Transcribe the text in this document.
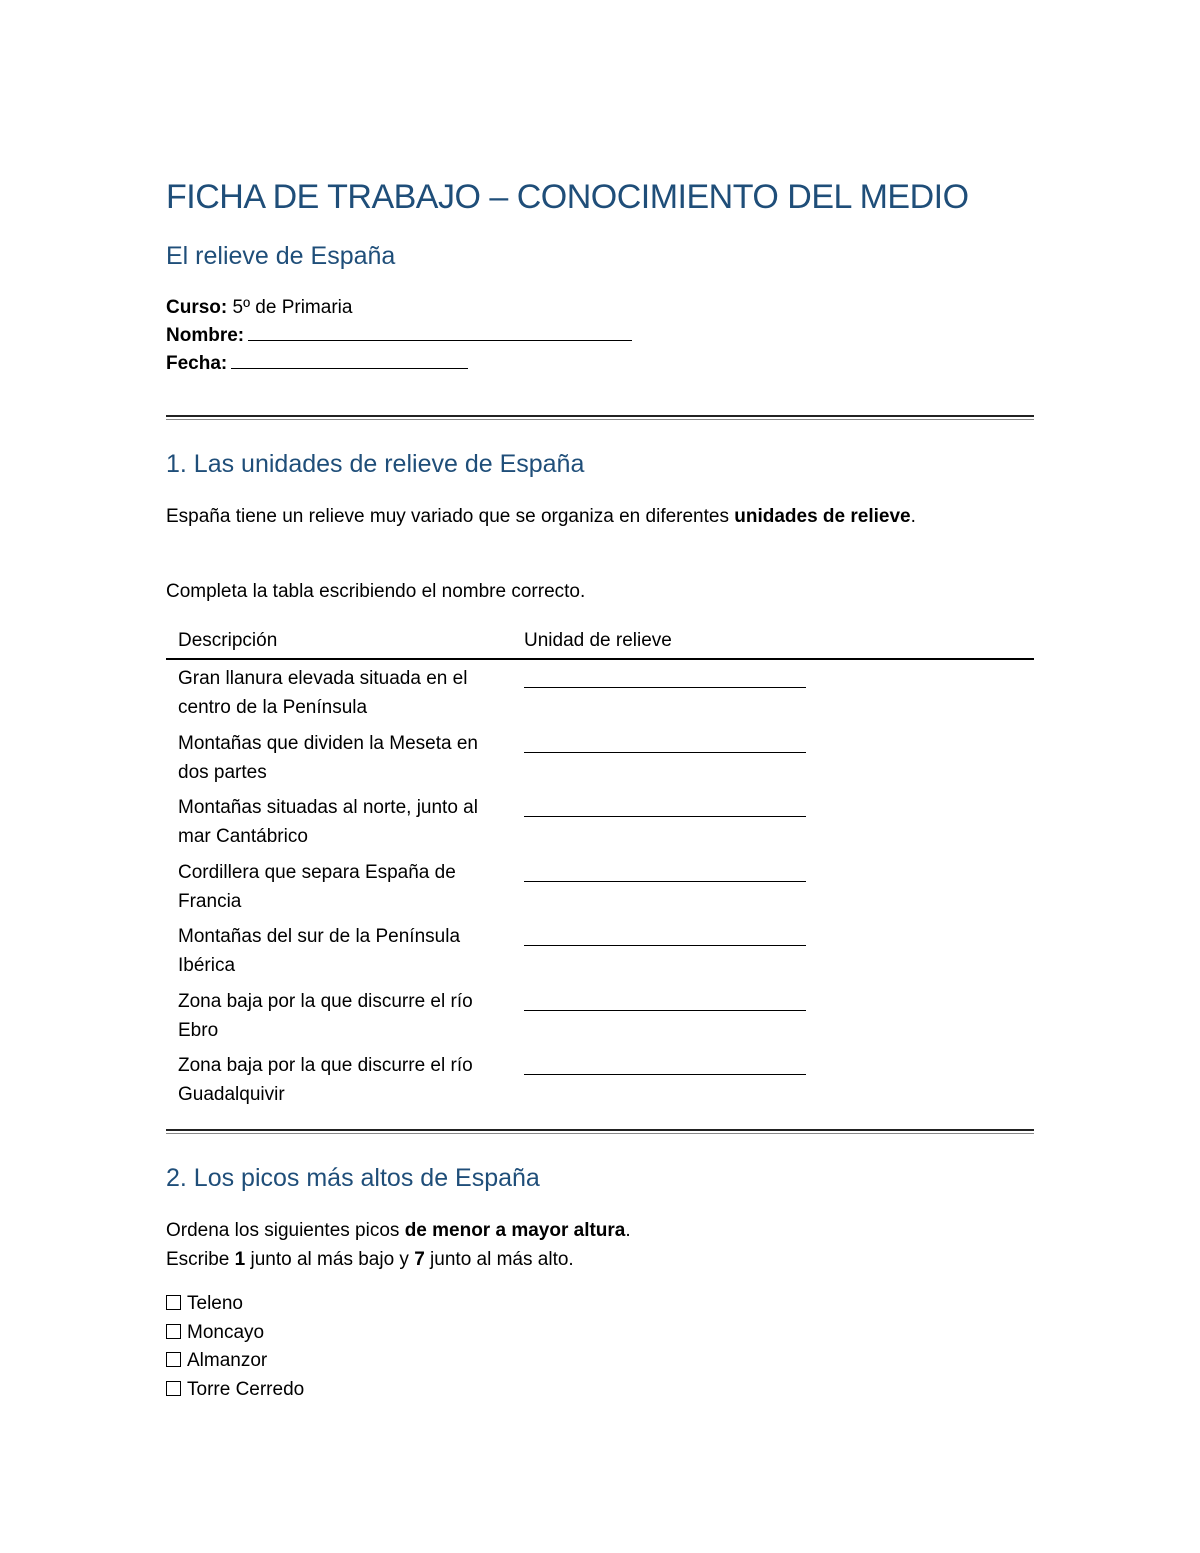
FICHA DE TRABAJO – CONOCIMIENTO DEL MEDIO
El relieve de España
Curso: 5º de Primaria
Nombre:
Fecha:
1. Las unidades de relieve de España

España tiene un relieve muy variado que se organiza en diferentes unidades de relieve.

Completa la tabla escribiendo el nombre correcto.

Descripción	Unidad de relieve
Gran llanura elevada situada en el centro de la Península
Montañas que dividen la Meseta en dos partes
Montañas situadas al norte, junto al mar Cantábrico
Cordillera que separa España de Francia
Montañas del sur de la Península Ibérica
Zona baja por la que discurre el río Ebro
Zona baja por la que discurre el río Guadalquivir
2. Los picos más altos de España

Ordena los siguientes picos de menor a mayor altura.

Escribe 1 junto al más bajo y 7 junto al más alto.

Teleno
Moncayo
Almanzor
Torre Cerredo
